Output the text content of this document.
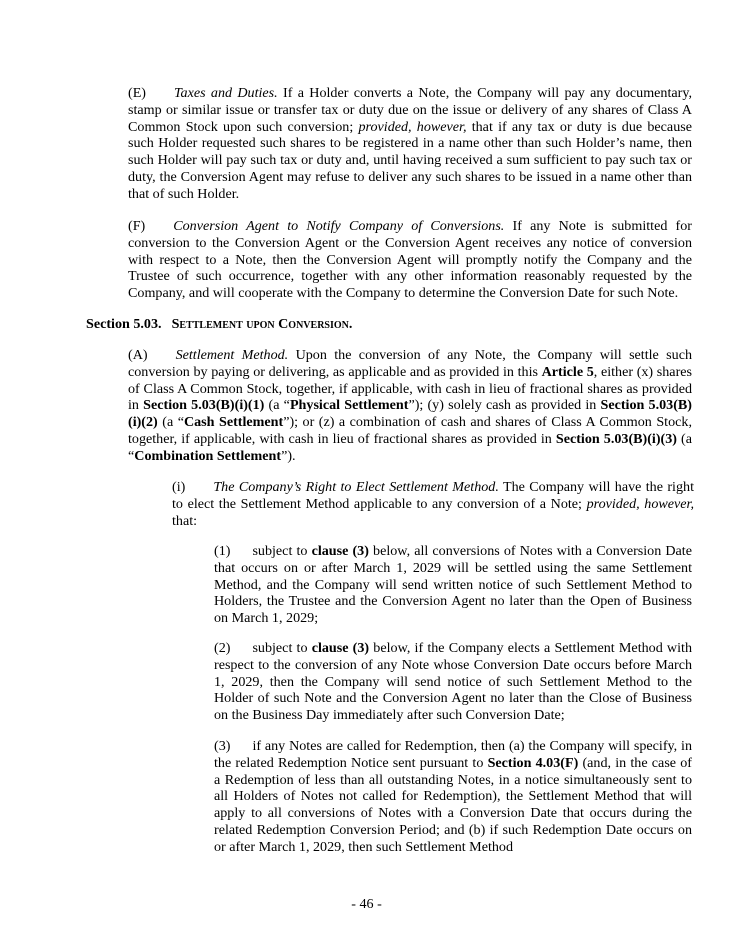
(E) Taxes and Duties. If a Holder converts a Note, the Company will pay any documentary, stamp or similar issue or transfer tax or duty due on the issue or delivery of any shares of Class A Common Stock upon such conversion; provided, however, that if any tax or duty is due because such Holder requested such shares to be registered in a name other than such Holder’s name, then such Holder will pay such tax or duty and, until having received a sum sufficient to pay such tax or duty, the Conversion Agent may refuse to deliver any such shares to be issued in a name other than that of such Holder.

(F) Conversion Agent to Notify Company of Conversions. If any Note is submitted for conversion to the Conversion Agent or the Conversion Agent receives any notice of conversion with respect to a Note, then the Conversion Agent will promptly notify the Company and the Trustee of such occurrence, together with any other information reasonably requested by the Company, and will cooperate with the Company to determine the Conversion Date for such Note.

Section 5.03. Settlement upon Conversion.

(A) Settlement Method. Upon the conversion of any Note, the Company will settle such conversion by paying or delivering, as applicable and as provided in this Article 5, either (x) shares of Class A Common Stock, together, if applicable, with cash in lieu of fractional shares as provided in Section 5.03(B)(i)(1) (a “Physical Settlement”); (y) solely cash as provided in Section 5.03(B)(i)(2) (a “Cash Settlement”); or (z) a combination of cash and shares of Class A Common Stock, together, if applicable, with cash in lieu of fractional shares as provided in Section 5.03(B)(i)(3) (a “Combination Settlement”).

(i) The Company’s Right to Elect Settlement Method. The Company will have the right to elect the Settlement Method applicable to any conversion of a Note; provided, however, that:

(1) subject to clause (3) below, all conversions of Notes with a Conversion Date that occurs on or after March 1, 2029 will be settled using the same Settlement Method, and the Company will send written notice of such Settlement Method to Holders, the Trustee and the Conversion Agent no later than the Open of Business on March 1, 2029;

(2) subject to clause (3) below, if the Company elects a Settlement Method with respect to the conversion of any Note whose Conversion Date occurs before March 1, 2029, then the Company will send notice of such Settlement Method to the Holder of such Note and the Conversion Agent no later than the Close of Business on the Business Day immediately after such Conversion Date;

(3) if any Notes are called for Redemption, then (a) the Company will specify, in the related Redemption Notice sent pursuant to Section 4.03(F) (and, in the case of a Redemption of less than all outstanding Notes, in a notice simultaneously sent to all Holders of Notes not called for Redemption), the Settlement Method that will apply to all conversions of Notes with a Conversion Date that occurs during the related Redemption Conversion Period; and (b) if such Redemption Date occurs on or after March 1, 2029, then such Settlement Method

- 46 -
